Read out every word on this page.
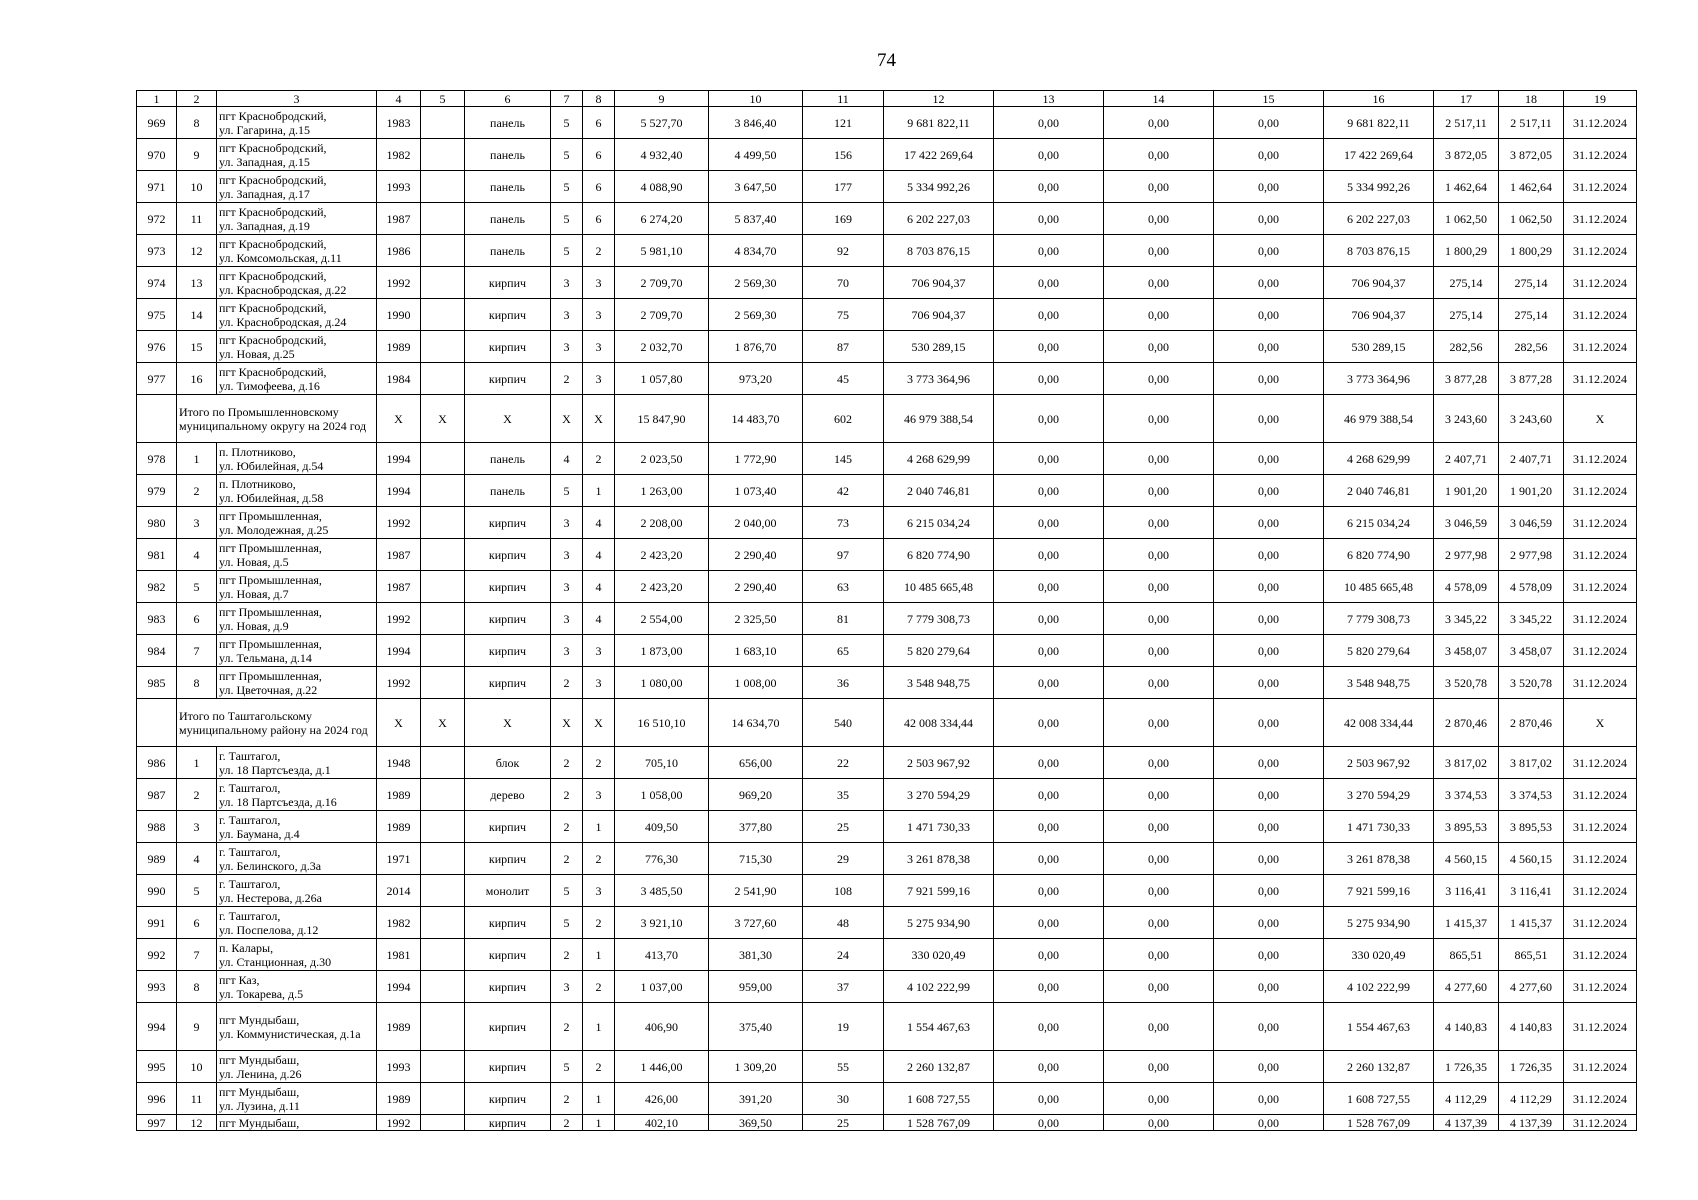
74
1	2	3	4	5	6	7	8	9	10	11	12	13	14	15	16	17	18	19
969	8	пгт Краснобродский,
ул. Гагарина, д.15	1983		панель	5	6	5 527,70	3 846,40	121	9 681 822,11	0,00	0,00	0,00	9 681 822,11	2 517,11	2 517,11	31.12.2024
970	9	пгт Краснобродский,
ул. Западная, д.15	1982		панель	5	6	4 932,40	4 499,50	156	17 422 269,64	0,00	0,00	0,00	17 422 269,64	3 872,05	3 872,05	31.12.2024
971	10	пгт Краснобродский,
ул. Западная, д.17	1993		панель	5	6	4 088,90	3 647,50	177	5 334 992,26	0,00	0,00	0,00	5 334 992,26	1 462,64	1 462,64	31.12.2024
972	11	пгт Краснобродский,
ул. Западная, д.19	1987		панель	5	6	6 274,20	5 837,40	169	6 202 227,03	0,00	0,00	0,00	6 202 227,03	1 062,50	1 062,50	31.12.2024
973	12	пгт Краснобродский,
ул. Комсомольская, д.11	1986		панель	5	2	5 981,10	4 834,70	92	8 703 876,15	0,00	0,00	0,00	8 703 876,15	1 800,29	1 800,29	31.12.2024
974	13	пгт Краснобродский,
ул. Краснобродская, д.22	1992		кирпич	3	3	2 709,70	2 569,30	70	706 904,37	0,00	0,00	0,00	706 904,37	275,14	275,14	31.12.2024
975	14	пгт Краснобродский,
ул. Краснобродская, д.24	1990		кирпич	3	3	2 709,70	2 569,30	75	706 904,37	0,00	0,00	0,00	706 904,37	275,14	275,14	31.12.2024
976	15	пгт Краснобродский,
ул. Новая, д.25	1989		кирпич	3	3	2 032,70	1 876,70	87	530 289,15	0,00	0,00	0,00	530 289,15	282,56	282,56	31.12.2024
977	16	пгт Краснобродский,
ул. Тимофеева, д.16	1984		кирпич	2	3	1 057,80	973,20	45	3 773 364,96	0,00	0,00	0,00	3 773 364,96	3 877,28	3 877,28	31.12.2024
	Итого по Промышленновскому муниципальному округу на 2024 год		X	X	X	X	X	15 847,90	14 483,70	602	46 979 388,54	0,00	0,00	0,00	46 979 388,54	3 243,60	3 243,60	X
978	1	п. Плотниково,
ул. Юбилейная, д.54	1994		панель	4	2	2 023,50	1 772,90	145	4 268 629,99	0,00	0,00	0,00	4 268 629,99	2 407,71	2 407,71	31.12.2024
979	2	п. Плотниково,
ул. Юбилейная, д.58	1994		панель	5	1	1 263,00	1 073,40	42	2 040 746,81	0,00	0,00	0,00	2 040 746,81	1 901,20	1 901,20	31.12.2024
980	3	пгт Промышленная,
ул. Молодежная, д.25	1992		кирпич	3	4	2 208,00	2 040,00	73	6 215 034,24	0,00	0,00	0,00	6 215 034,24	3 046,59	3 046,59	31.12.2024
981	4	пгт Промышленная,
ул. Новая, д.5	1987		кирпич	3	4	2 423,20	2 290,40	97	6 820 774,90	0,00	0,00	0,00	6 820 774,90	2 977,98	2 977,98	31.12.2024
982	5	пгт Промышленная,
ул. Новая, д.7	1987		кирпич	3	4	2 423,20	2 290,40	63	10 485 665,48	0,00	0,00	0,00	10 485 665,48	4 578,09	4 578,09	31.12.2024
983	6	пгт Промышленная,
ул. Новая, д.9	1992		кирпич	3	4	2 554,00	2 325,50	81	7 779 308,73	0,00	0,00	0,00	7 779 308,73	3 345,22	3 345,22	31.12.2024
984	7	пгт Промышленная,
ул. Тельмана, д.14	1994		кирпич	3	3	1 873,00	1 683,10	65	5 820 279,64	0,00	0,00	0,00	5 820 279,64	3 458,07	3 458,07	31.12.2024
985	8	пгт Промышленная,
ул. Цветочная, д.22	1992		кирпич	2	3	1 080,00	1 008,00	36	3 548 948,75	0,00	0,00	0,00	3 548 948,75	3 520,78	3 520,78	31.12.2024
	Итого по Таштагольскому муниципальному району на 2024 год		X	X	X	X	X	16 510,10	14 634,70	540	42 008 334,44	0,00	0,00	0,00	42 008 334,44	2 870,46	2 870,46	X
986	1	г. Таштагол,
ул. 18 Партсъезда, д.1	1948		блок	2	2	705,10	656,00	22	2 503 967,92	0,00	0,00	0,00	2 503 967,92	3 817,02	3 817,02	31.12.2024
987	2	г. Таштагол,
ул. 18 Партсъезда, д.16	1989		дерево	2	3	1 058,00	969,20	35	3 270 594,29	0,00	0,00	0,00	3 270 594,29	3 374,53	3 374,53	31.12.2024
988	3	г. Таштагол,
ул. Баумана, д.4	1989		кирпич	2	1	409,50	377,80	25	1 471 730,33	0,00	0,00	0,00	1 471 730,33	3 895,53	3 895,53	31.12.2024
989	4	г. Таштагол,
ул. Белинского, д.3а	1971		кирпич	2	2	776,30	715,30	29	3 261 878,38	0,00	0,00	0,00	3 261 878,38	4 560,15	4 560,15	31.12.2024
990	5	г. Таштагол,
ул. Нестерова, д.26а	2014		монолит	5	3	3 485,50	2 541,90	108	7 921 599,16	0,00	0,00	0,00	7 921 599,16	3 116,41	3 116,41	31.12.2024
991	6	г. Таштагол,
ул. Поспелова, д.12	1982		кирпич	5	2	3 921,10	3 727,60	48	5 275 934,90	0,00	0,00	0,00	5 275 934,90	1 415,37	1 415,37	31.12.2024
992	7	п. Калары,
ул. Станционная, д.30	1981		кирпич	2	1	413,70	381,30	24	330 020,49	0,00	0,00	0,00	330 020,49	865,51	865,51	31.12.2024
993	8	пгт Каз,
ул. Токарева, д.5	1994		кирпич	3	2	1 037,00	959,00	37	4 102 222,99	0,00	0,00	0,00	4 102 222,99	4 277,60	4 277,60	31.12.2024
994	9	пгт Мундыбаш,
ул. Коммунистическая, д.1а	1989		кирпич	2	1	406,90	375,40	19	1 554 467,63	0,00	0,00	0,00	1 554 467,63	4 140,83	4 140,83	31.12.2024
995	10	пгт Мундыбаш,
ул. Ленина, д.26	1993		кирпич	5	2	1 446,00	1 309,20	55	2 260 132,87	0,00	0,00	0,00	2 260 132,87	1 726,35	1 726,35	31.12.2024
996	11	пгт Мундыбаш,
ул. Лузина, д.11	1989		кирпич	2	1	426,00	391,20	30	1 608 727,55	0,00	0,00	0,00	1 608 727,55	4 112,29	4 112,29	31.12.2024
997	12	пгт Мундыбаш,	1992		кирпич	2	1	402,10	369,50	25	1 528 767,09	0,00	0,00	0,00	1 528 767,09	4 137,39	4 137,39	31.12.2024
